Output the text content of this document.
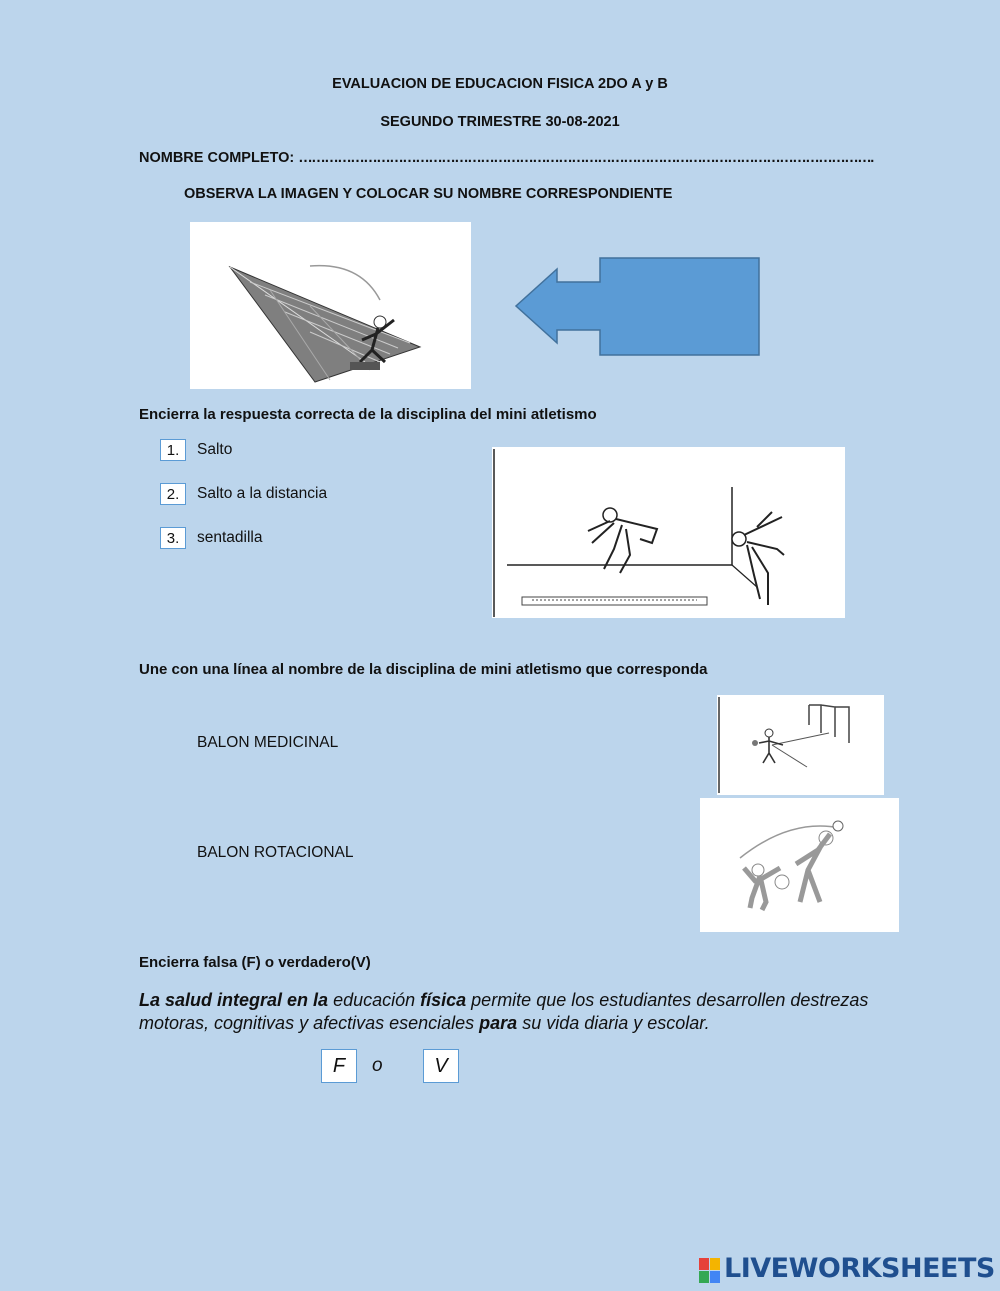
EVALUACION DE EDUCACION FISICA 2DO A y B
SEGUNDO TRIMESTRE 30-08-2021
NOMBRE COMPLETO: …………………………………………………………………………………………………………………….
OBSERVA LA IMAGEN Y COLOCAR SU NOMBRE CORRESPONDIENTE
Encierra la respuesta correcta de la disciplina del mini atletismo
1.	Salto
2.	Salto a la distancia
3.	sentadilla
Une con una línea al nombre de la disciplina de mini atletismo que corresponda
BALON MEDICINAL
BALON ROTACIONAL
Encierra falsa (F) o verdadero(V)
La salud integral en la educación física permite que los estudiantes desarrollen destrezas motoras, cognitivas y afectivas esenciales para su vida diaria y escolar.
F	o	V
LIVEWORKSHEETS
